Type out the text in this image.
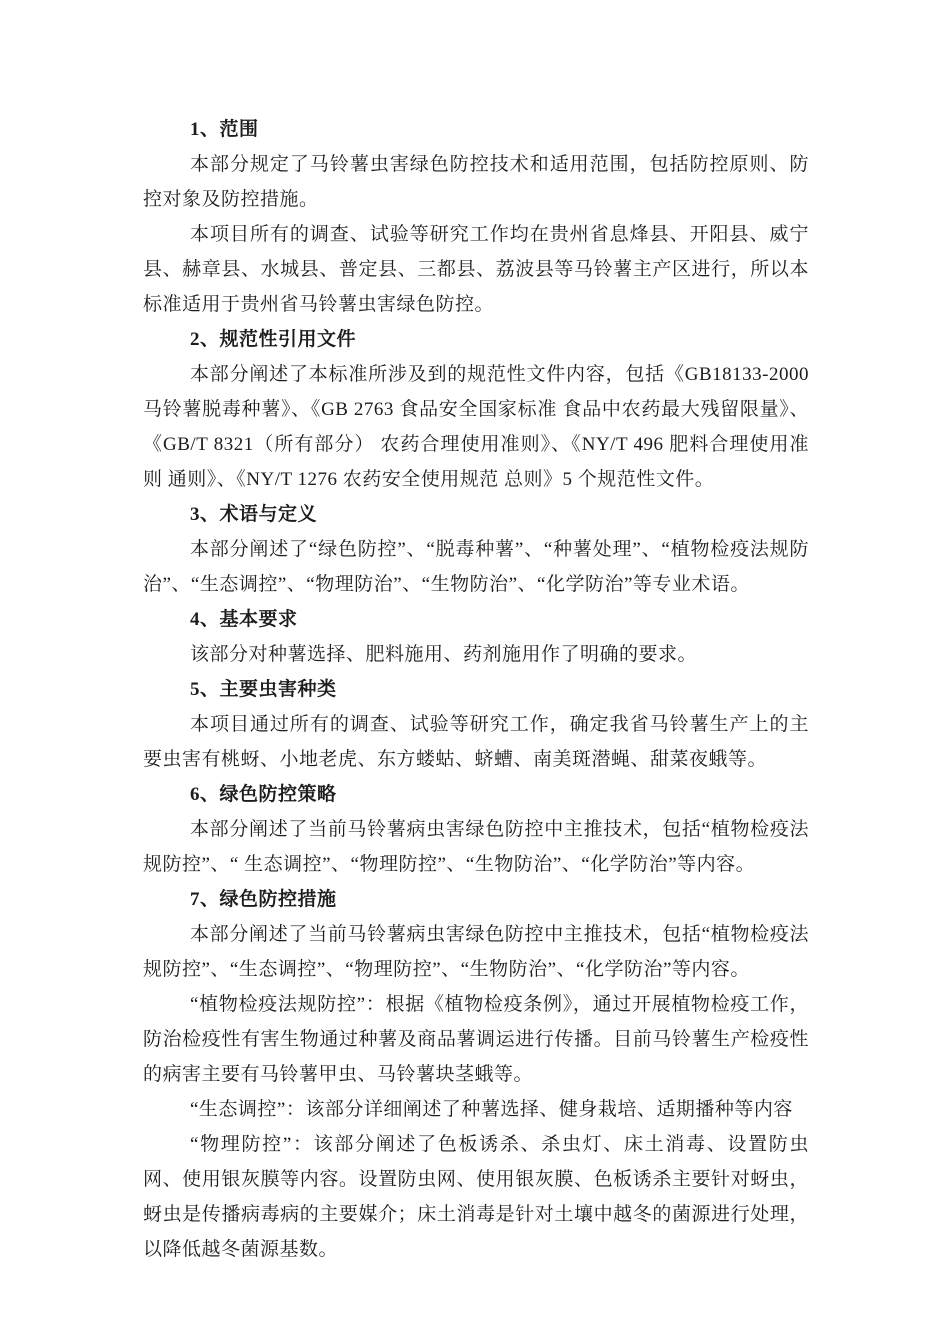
1、范围
本部分规定了马铃薯虫害绿色防控技术和适用范围，包括防控原则、防控对象及防控措施。
本项目所有的调查、试验等研究工作均在贵州省息烽县、开阳县、威宁县、赫章县、水城县、普定县、三都县、荔波县等马铃薯主产区进行，所以本标准适用于贵州省马铃薯虫害绿色防控。
2、规范性引用文件
本部分阐述了本标准所涉及到的规范性文件内容，包括《GB18133-2000 马铃薯脱毒种薯》、《GB 2763 食品安全国家标准 食品中农药最大残留限量》、《GB/T 8321（所有部分） 农药合理使用准则》、《NY/T 496 肥料合理使用准则 通则》、《NY/T 1276 农药安全使用规范 总则》5 个规范性文件。
3、术语与定义
本部分阐述了“绿色防控”、“脱毒种薯”、“种薯处理”、“植物检疫法规防治”、“生态调控”、“物理防治”、“生物防治”、“化学防治”等专业术语。
4、基本要求
该部分对种薯选择、肥料施用、药剂施用作了明确的要求。
5、主要虫害种类
本项目通过所有的调查、试验等研究工作，确定我省马铃薯生产上的主要虫害有桃蚜、小地老虎、东方蝼蛄、蛴螬、南美斑潜蝇、甜菜夜蛾等。
6、绿色防控策略
本部分阐述了当前马铃薯病虫害绿色防控中主推技术，包括“植物检疫法规防控”、“ 生态调控”、“物理防控”、“生物防治”、“化学防治”等内容。
7、绿色防控措施
本部分阐述了当前马铃薯病虫害绿色防控中主推技术，包括“植物检疫法规防控”、“生态调控”、“物理防控”、“生物防治”、“化学防治”等内容。
“植物检疫法规防控”：根据《植物检疫条例》，通过开展植物检疫工作，防治检疫性有害生物通过种薯及商品薯调运进行传播。目前马铃薯生产检疫性的病害主要有马铃薯甲虫、马铃薯块茎蛾等。
“生态调控”：该部分详细阐述了种薯选择、健身栽培、适期播种等内容
“物理防控”：该部分阐述了色板诱杀、杀虫灯、床土消毒、设置防虫网、使用银灰膜等内容。设置防虫网、使用银灰膜、色板诱杀主要针对蚜虫，蚜虫是传播病毒病的主要媒介；床土消毒是针对土壤中越冬的菌源进行处理，以降低越冬菌源基数。
